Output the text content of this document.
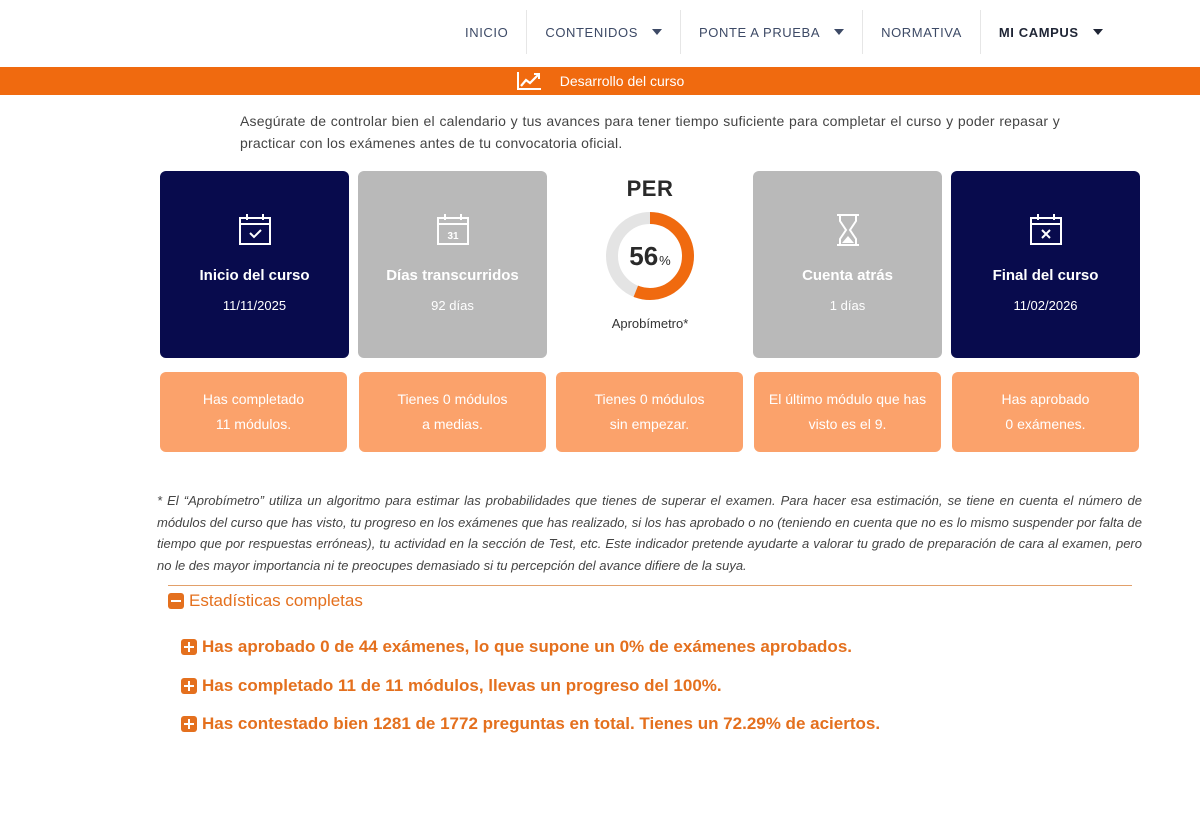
INICIO	CONTENIDOS	PONTE A PRUEBA	NORMATIVA	MI CAMPUS
Desarrollo del curso
Asegúrate de controlar bien el calendario y tus avances para tener tiempo suficiente para completar el curso y poder repasar y practicar con los exámenes antes de tu convocatoria oficial.
Inicio del curso
11/11/2025
31
Días transcurridos
92 días
PER
56 %
Aprobímetro*
Cuenta atrás
1 días
Final del curso
11/02/2026
Has completado
11 módulos.
Tienes 0 módulos
a medias.
Tienes 0 módulos
sin empezar.
El último módulo que has
visto es el 9.
Has aprobado
0 exámenes.
* El “Aprobímetro” utiliza un algoritmo para estimar las probabilidades que tienes de superar el examen. Para hacer esa estimación, se tiene en cuenta el número de módulos del curso que has visto, tu progreso en los exámenes que has realizado, si los has aprobado o no (teniendo en cuenta que no es lo mismo suspender por falta de tiempo que por respuestas erróneas), tu actividad en la sección de Test, etc. Este indicador pretende ayudarte a valorar tu grado de preparación de cara al examen, pero no le des mayor importancia ni te preocupes demasiado si tu percepción del avance difiere de la suya.
Estadísticas completas
Has aprobado 0 de 44 exámenes, lo que supone un 0% de exámenes aprobados.
Has completado 11 de 11 módulos, llevas un progreso del 100%.
Has contestado bien 1281 de 1772 preguntas en total. Tienes un 72.29% de aciertos.
